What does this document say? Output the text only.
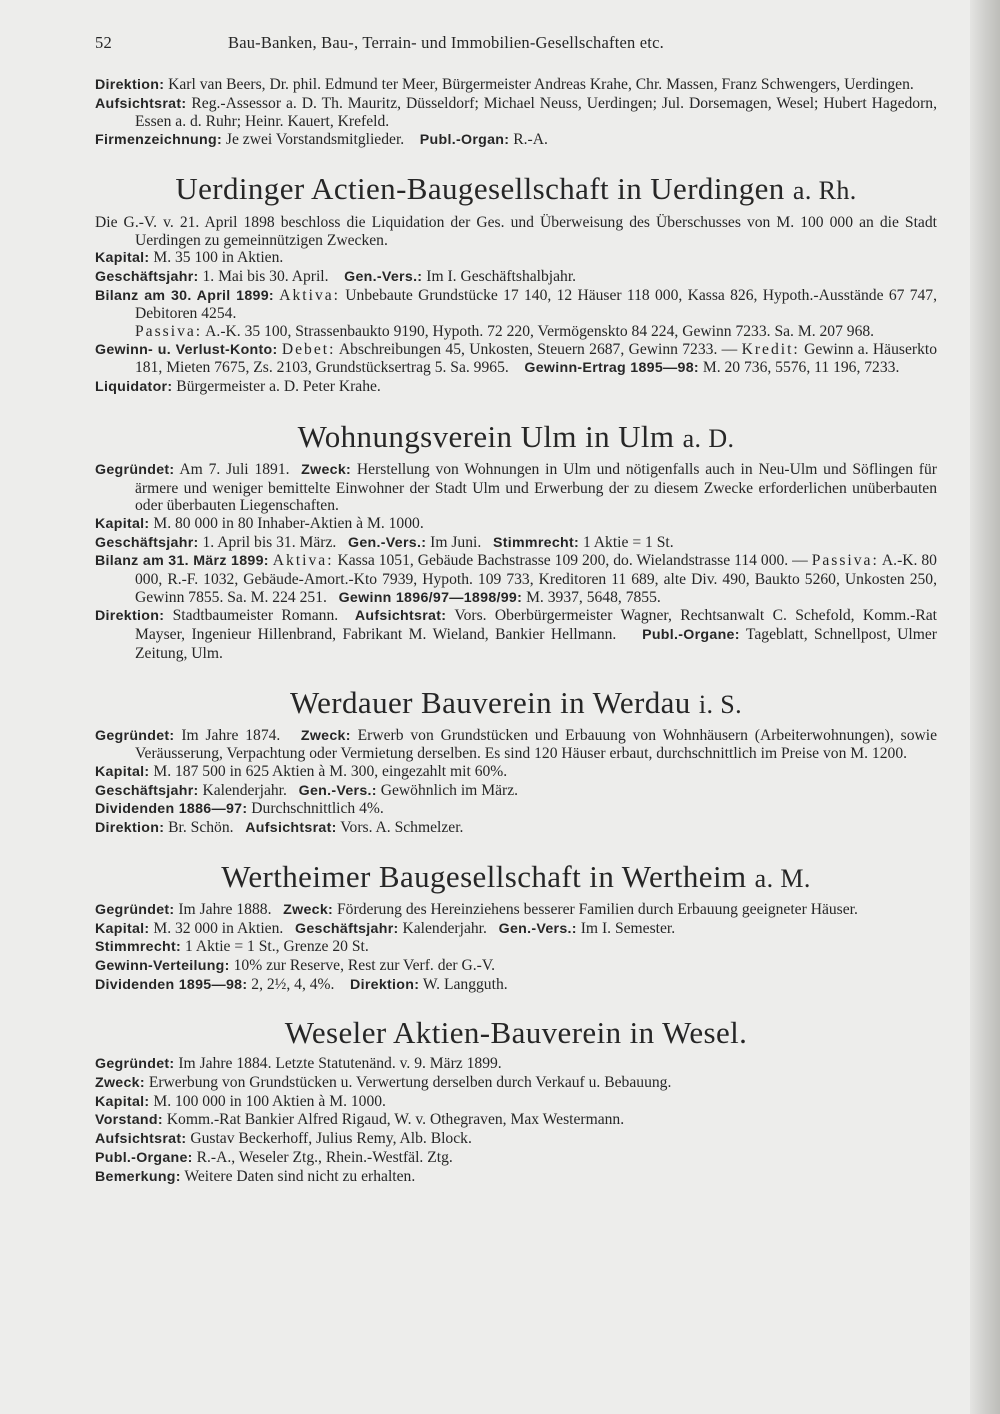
52	Bau-Banken, Bau-, Terrain- und Immobilien-Gesellschaften etc.

Direktion: Karl van Beers, Dr. phil. Edmund ter Meer, Bürgermeister Andreas Krahe, Chr. Massen, Franz Schwengers, Uerdingen.

Aufsichtsrat: Reg.-Assessor a. D. Th. Mauritz, Düsseldorf; Michael Neuss, Uerdingen; Jul. Dorsemagen, Wesel; Hubert Hagedorn, Essen a. d. Ruhr; Heinr. Kauert, Krefeld.

Firmenzeichnung: Je zwei Vorstandsmitglieder. Publ.-Organ: R.-A.

Uerdinger Actien-Baugesellschaft in Uerdingen a. Rh.

Die G.-V. v. 21. April 1898 beschloss die Liquidation der Ges. und Überweisung des Überschusses von M. 100 000 an die Stadt Uerdingen zu gemeinnützigen Zwecken.

Kapital: M. 35 100 in Aktien.

Geschäftsjahr: 1. Mai bis 30. April. Gen.-Vers.: Im I. Geschäftshalbjahr.

Bilanz am 30. April 1899: Aktiva: Unbebaute Grundstücke 17 140, 12 Häuser 118 000, Kassa 826, Hypoth.-Ausstände 67 747, Debitoren 4254.

Passiva: A.-K. 35 100, Strassenbaukto 9190, Hypoth. 72 220, Vermögenskto 84 224, Gewinn 7233. Sa. M. 207 968.

Gewinn- u. Verlust-Konto: Debet: Abschreibungen 45, Unkosten, Steuern 2687, Gewinn 7233. — Kredit: Gewinn a. Häuserkto 181, Mieten 7675, Zs. 2103, Grundstücksertrag 5. Sa. 9965. Gewinn-Ertrag 1895—98: M. 20 736, 5576, 11 196, 7233.

Liquidator: Bürgermeister a. D. Peter Krahe.

Wohnungsverein Ulm in Ulm a. D.

Gegründet: Am 7. Juli 1891. Zweck: Herstellung von Wohnungen in Ulm und nötigenfalls auch in Neu-Ulm und Söflingen für ärmere und weniger bemittelte Einwohner der Stadt Ulm und Erwerbung der zu diesem Zwecke erforderlichen unüberbauten oder überbauten Liegenschaften.

Kapital: M. 80 000 in 80 Inhaber-Aktien à M. 1000.

Geschäftsjahr: 1. April bis 31. März. Gen.-Vers.: Im Juni. Stimmrecht: 1 Aktie = 1 St.

Bilanz am 31. März 1899: Aktiva: Kassa 1051, Gebäude Bachstrasse 109 200, do. Wielandstrasse 114 000. — Passiva: A.-K. 80 000, R.-F. 1032, Gebäude-Amort.-Kto 7939, Hypoth. 109 733, Kreditoren 11 689, alte Div. 490, Baukto 5260, Unkosten 250, Gewinn 7855. Sa. M. 224 251. Gewinn 1896/97—1898/99: M. 3937, 5648, 7855.

Direktion: Stadtbaumeister Romann. Aufsichtsrat: Vors. Oberbürgermeister Wagner, Rechtsanwalt C. Schefold, Komm.-Rat Mayser, Ingenieur Hillenbrand, Fabrikant M. Wieland, Bankier Hellmann. Publ.-Organe: Tageblatt, Schnellpost, Ulmer Zeitung, Ulm.

Werdauer Bauverein in Werdau i. S.

Gegründet: Im Jahre 1874. Zweck: Erwerb von Grundstücken und Erbauung von Wohnhäusern (Arbeiterwohnungen), sowie Veräusserung, Verpachtung oder Vermietung derselben. Es sind 120 Häuser erbaut, durchschnittlich im Preise von M. 1200.

Kapital: M. 187 500 in 625 Aktien à M. 300, eingezahlt mit 60%.

Geschäftsjahr: Kalenderjahr. Gen.-Vers.: Gewöhnlich im März.

Dividenden 1886—97: Durchschnittlich 4%.

Direktion: Br. Schön. Aufsichtsrat: Vors. A. Schmelzer.

Wertheimer Baugesellschaft in Wertheim a. M.

Gegründet: Im Jahre 1888. Zweck: Förderung des Hereinziehens besserer Familien durch Erbauung geeigneter Häuser.

Kapital: M. 32 000 in Aktien. Geschäftsjahr: Kalenderjahr. Gen.-Vers.: Im I. Semester.

Stimmrecht: 1 Aktie = 1 St., Grenze 20 St.

Gewinn-Verteilung: 10% zur Reserve, Rest zur Verf. der G.-V.

Dividenden 1895—98: 2, 2½, 4, 4%. Direktion: W. Langguth.

Weseler Aktien-Bauverein in Wesel.

Gegründet: Im Jahre 1884. Letzte Statutenänd. v. 9. März 1899.

Zweck: Erwerbung von Grundstücken u. Verwertung derselben durch Verkauf u. Bebauung.

Kapital: M. 100 000 in 100 Aktien à M. 1000.

Vorstand: Komm.-Rat Bankier Alfred Rigaud, W. v. Othegraven, Max Westermann.

Aufsichtsrat: Gustav Beckerhoff, Julius Remy, Alb. Block.

Publ.-Organe: R.-A., Weseler Ztg., Rhein.-Westfäl. Ztg.

Bemerkung: Weitere Daten sind nicht zu erhalten.
